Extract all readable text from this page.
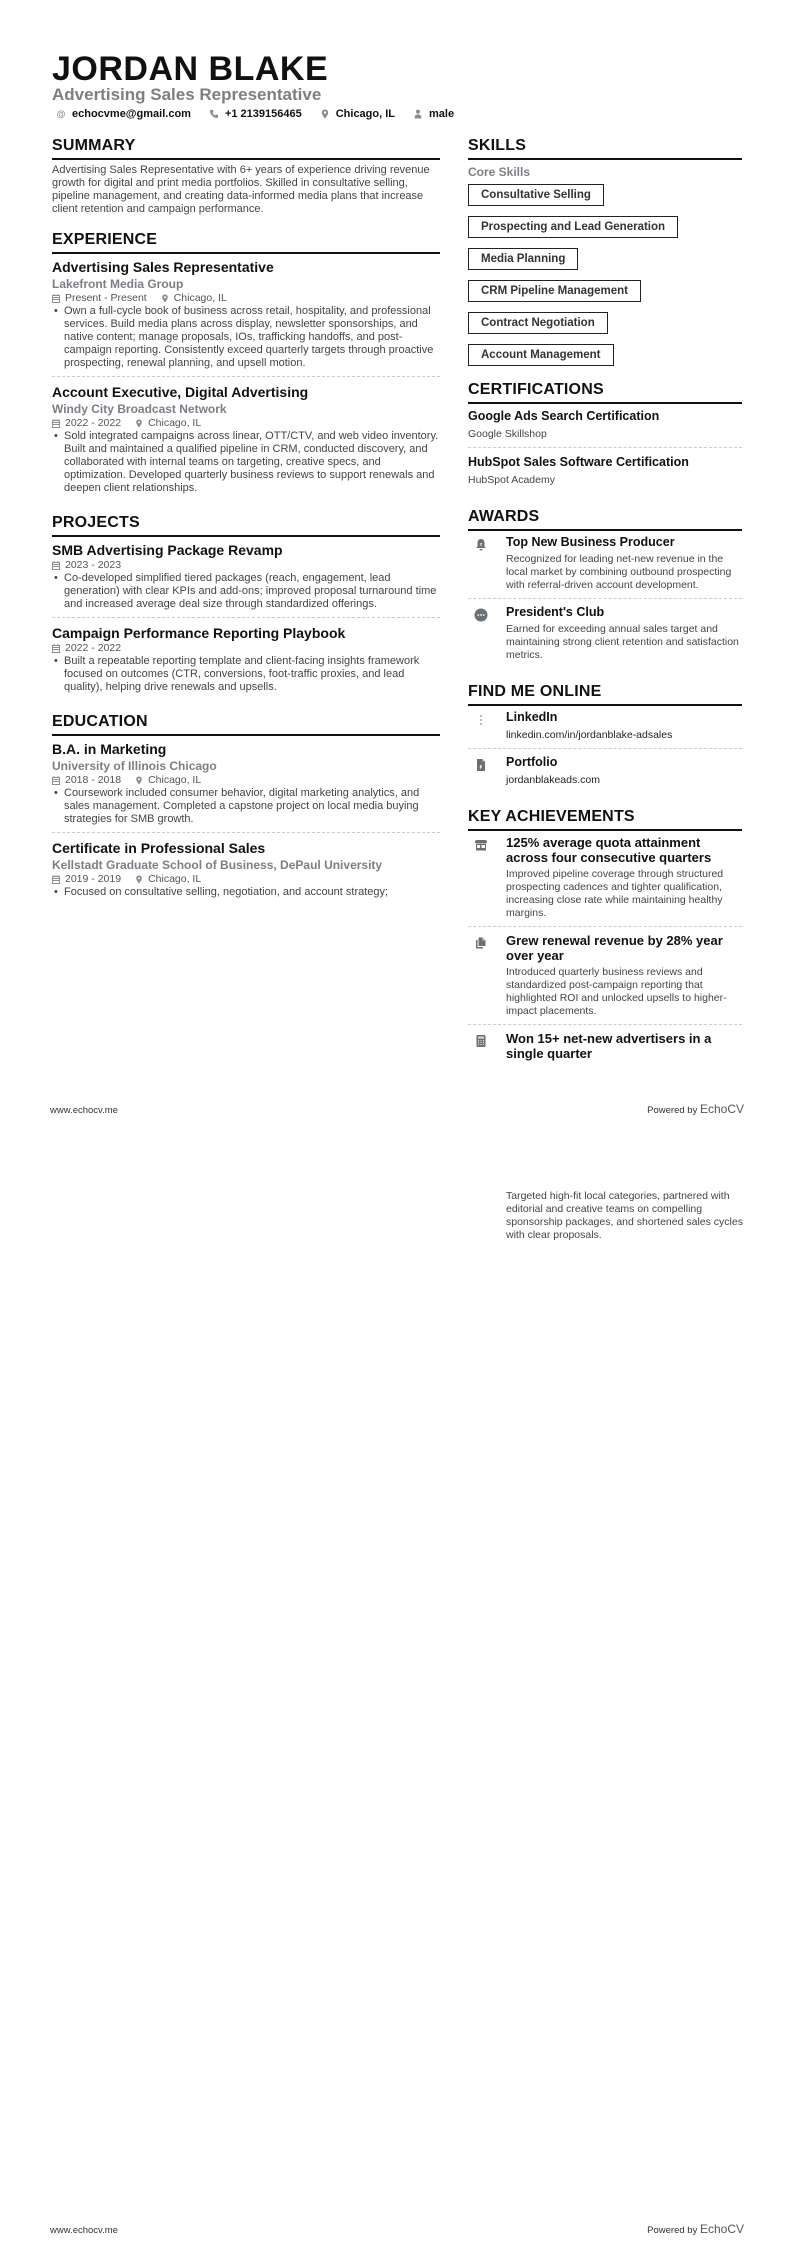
JORDAN BLAKE
Advertising Sales Representative
@ echocvme@gmail.com	+1 2139156465	Chicago, IL	male
SUMMARY
Advertising Sales Representative with 6+ years of experience driving revenue growth for digital and print media portfolios. Skilled in consultative selling, pipeline management, and creating data-informed media plans that increase client retention and campaign performance.
EXPERIENCE
Advertising Sales Representative
Lakefront Media Group
Present - Present	Chicago, IL
• Own a full-cycle book of business across retail, hospitality, and professional services. Build media plans across display, newsletter sponsorships, and native content; manage proposals, IOs, trafficking handoffs, and post-campaign reporting. Consistently exceed quarterly targets through proactive prospecting, renewal planning, and upsell motion.
Account Executive, Digital Advertising
Windy City Broadcast Network
2022 - 2022	Chicago, IL
• Sold integrated campaigns across linear, OTT/CTV, and web video inventory. Built and maintained a qualified pipeline in CRM, conducted discovery, and collaborated with internal teams on targeting, creative specs, and optimization. Developed quarterly business reviews to support renewals and deepen client relationships.
PROJECTS
SMB Advertising Package Revamp
2023 - 2023
• Co-developed simplified tiered packages (reach, engagement, lead generation) with clear KPIs and add-ons; improved proposal turnaround time and increased average deal size through standardized offerings.
Campaign Performance Reporting Playbook
2022 - 2022
• Built a repeatable reporting template and client-facing insights framework focused on outcomes (CTR, conversions, foot-traffic proxies, and lead quality), helping drive renewals and upsells.
EDUCATION
B.A. in Marketing
University of Illinois Chicago
2018 - 2018	Chicago, IL
• Coursework included consumer behavior, digital marketing analytics, and sales management. Completed a capstone project on local media buying strategies for SMB growth.
Certificate in Professional Sales
Kellstadt Graduate School of Business, DePaul University
2019 - 2019	Chicago, IL
• Focused on consultative selling, negotiation, and account strategy;
SKILLS
Core Skills
Consultative Selling
Prospecting and Lead Generation
Media Planning
CRM Pipeline Management
Contract Negotiation
Account Management
CERTIFICATIONS
Google Ads Search Certification
Google Skillshop
HubSpot Sales Software Certification
HubSpot Academy
AWARDS
z Top New Business Producer
Recognized for leading net-new revenue in the local market by combining outbound prospecting with referral-driven account development.
President's Club
Earned for exceeding annual sales target and maintaining strong client retention and satisfaction metrics.
FIND ME ONLINE
LinkedIn
linkedin.com/in/jordanblake-adsales
Portfolio
jordanblakeads.com
KEY ACHIEVEMENTS
125% average quota attainment across four consecutive quarters
Improved pipeline coverage through structured prospecting cadences and tighter qualification, increasing close rate while maintaining healthy margins.
Grew renewal revenue by 28% year over year
Introduced quarterly business reviews and standardized post-campaign reporting that highlighted ROI and unlocked upsells to higher-impact placements.
Won 15+ net-new advertisers in a single quarter
www.echocv.me	Powered by EchoCV
Targeted high-fit local categories, partnered with editorial and creative teams on compelling sponsorship packages, and shortened sales cycles with clear proposals.
www.echocv.me	Powered by EchoCV
